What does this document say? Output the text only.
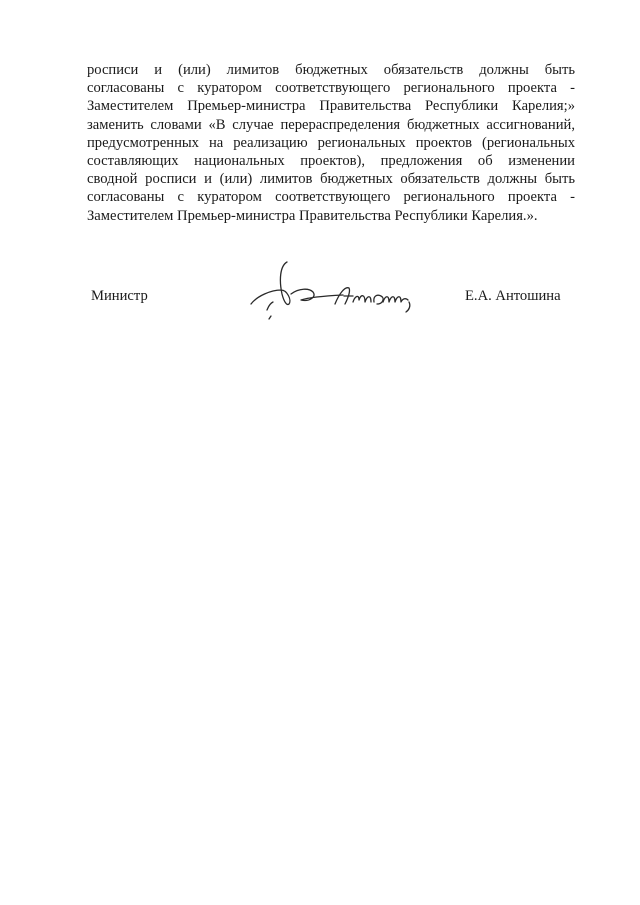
росписи и (или) лимитов бюджетных обязательств должны быть
согласованы с куратором соответствующего регионального проекта -
Заместителем Премьер-министра Правительства Республики Карелия;»
заменить словами «В случае перераспределения бюджетных ассигнований,
предусмотренных на реализацию региональных проектов (региональных
составляющих национальных проектов), предложения об изменении
сводной росписи и (или) лимитов бюджетных обязательств должны быть
согласованы с куратором соответствующего регионального проекта -
Заместителем Премьер-министра Правительства Республики Карелия.».
Министр	Е.А. Антошина
